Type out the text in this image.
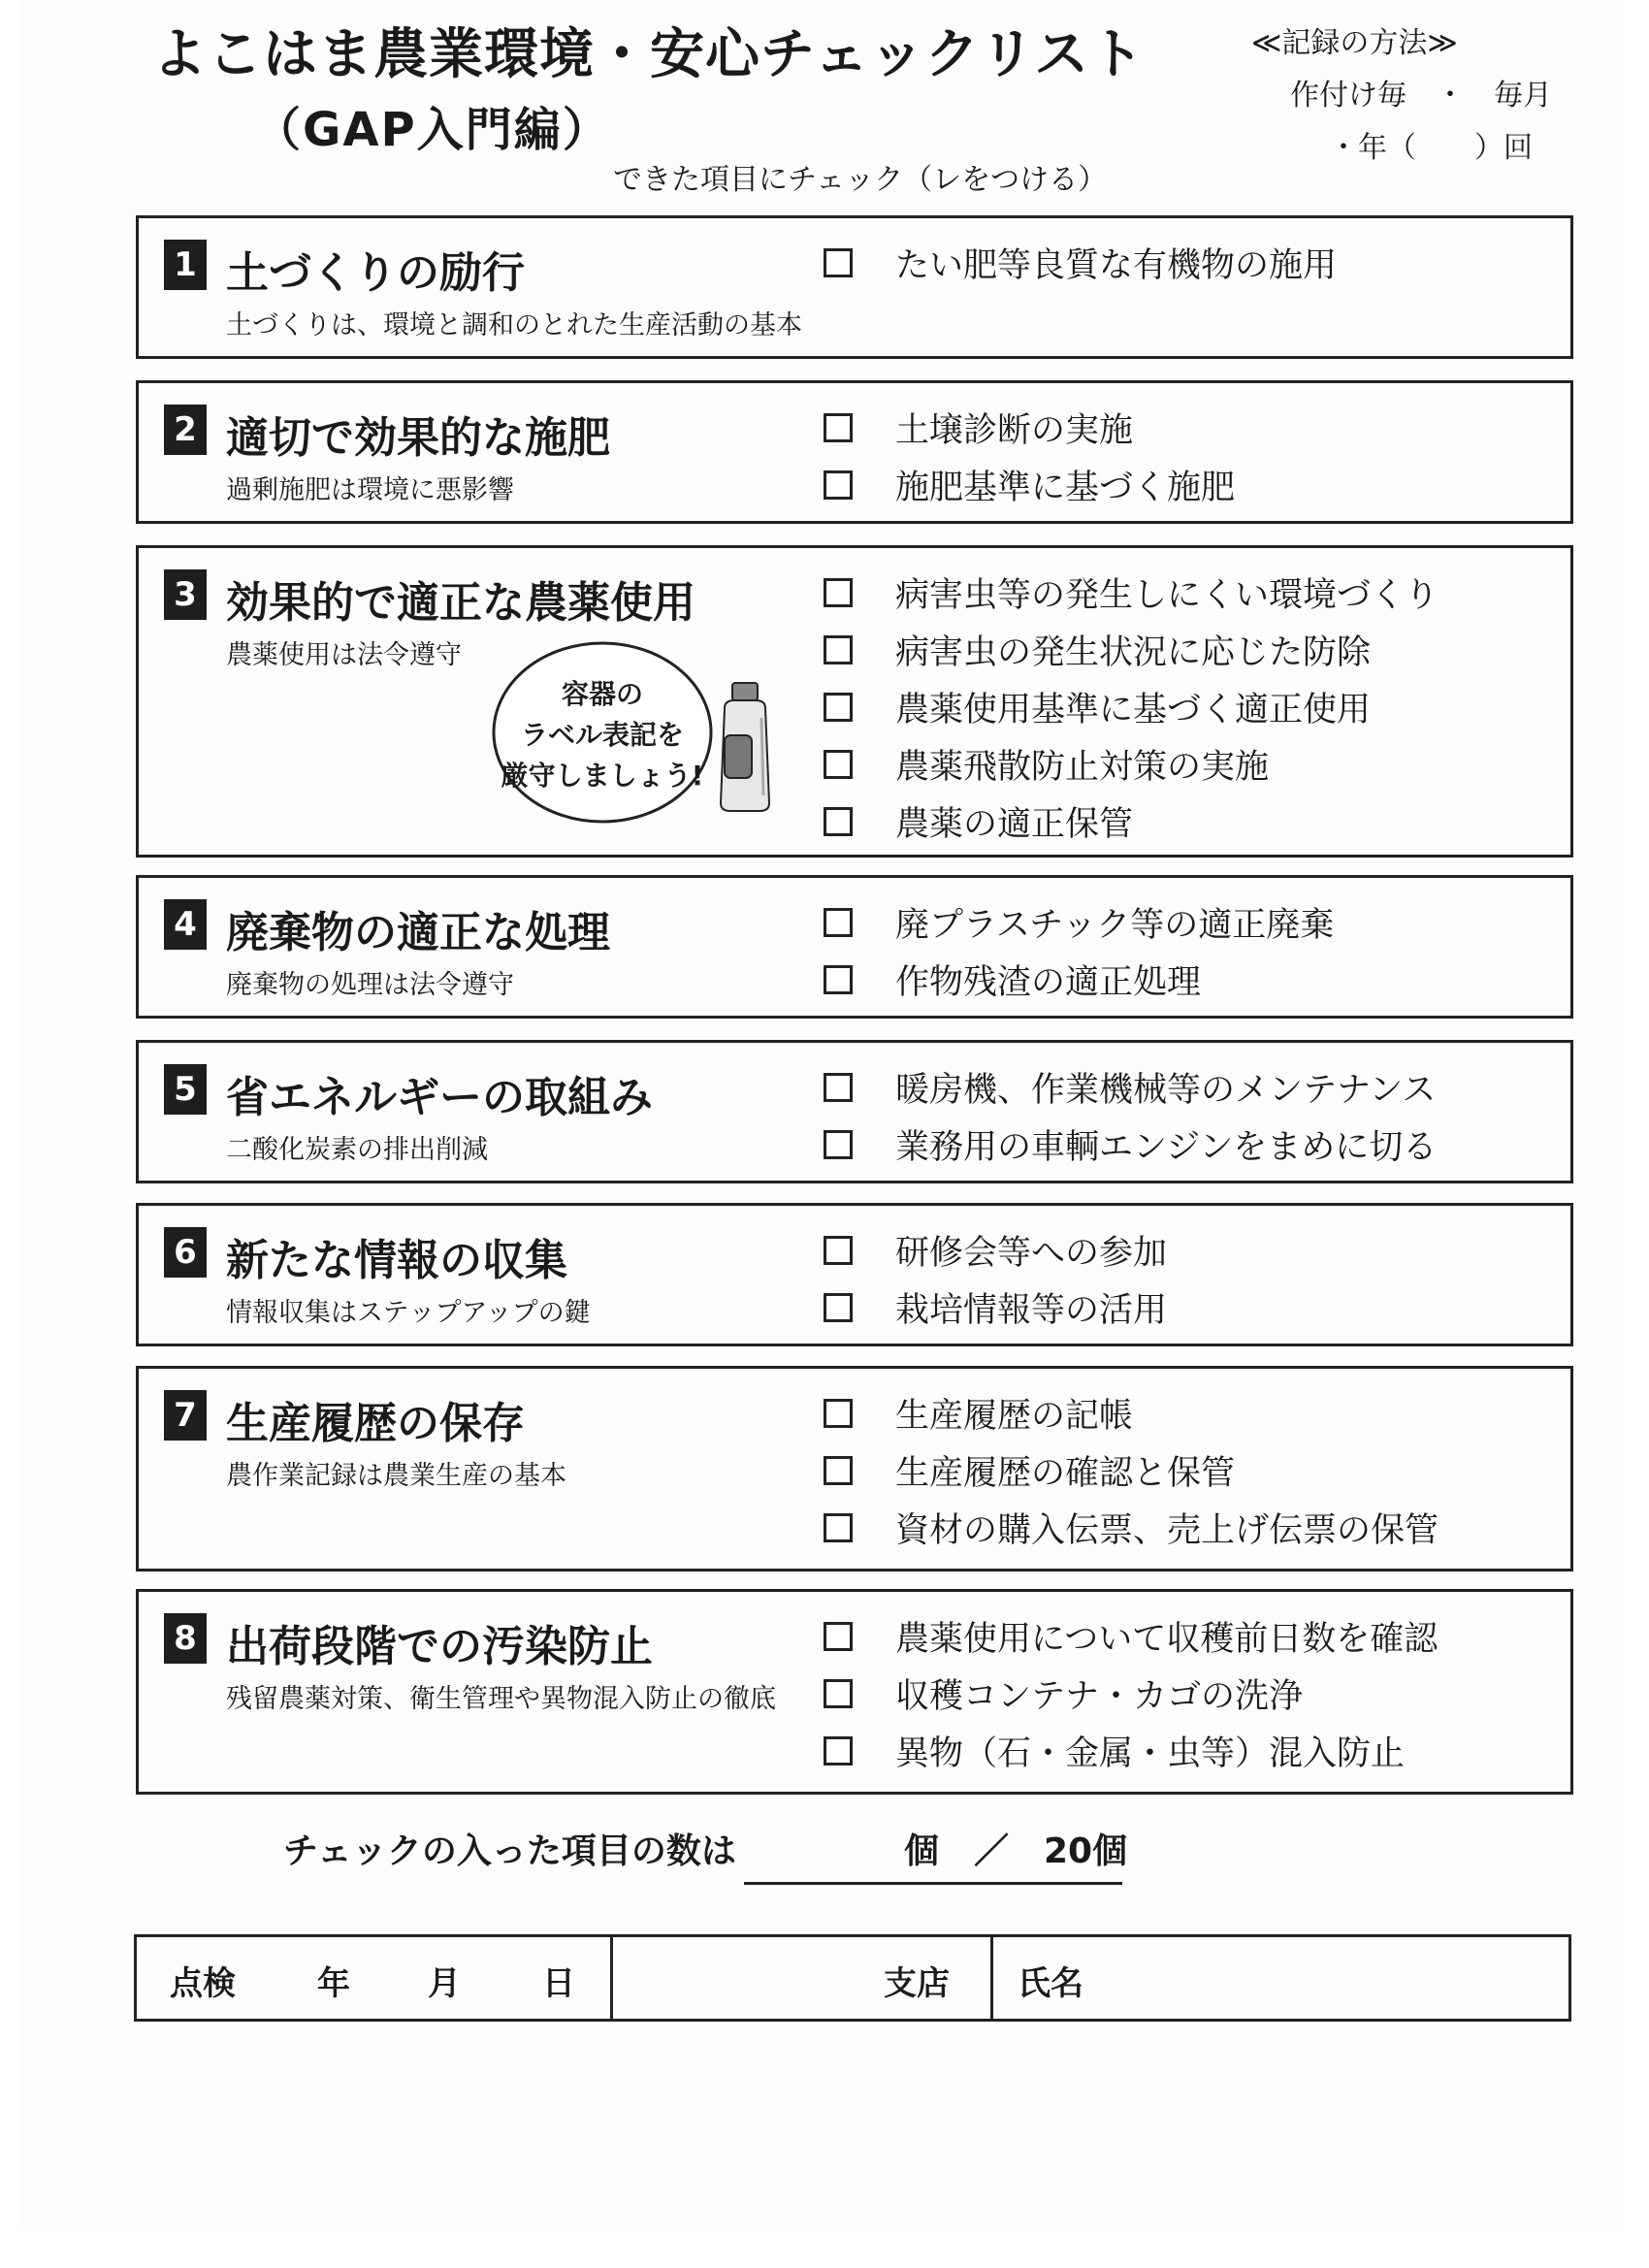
よこはま農業環境・安心チェックリスト
（GAP入門編）
できた項目にチェック（レをつける）
≪記録の方法≫
作付け毎　・　毎月
・年（　　）回
1 土づくりの励行
土づくりは、環境と調和のとれた生産活動の基本
たい肥等良質な有機物の施用
2 適切で効果的な施肥
過剰施肥は環境に悪影響
土壌診断の実施
施肥基準に基づく施肥
3 効果的で適正な農薬使用
農薬使用は法令遵守
容器の
ラベル表記を
厳守しましょう!
病害虫等の発生しにくい環境づくり
病害虫の発生状況に応じた防除
農薬使用基準に基づく適正使用
農薬飛散防止対策の実施
農薬の適正保管
4 廃棄物の適正な処理
廃棄物の処理は法令遵守
廃プラスチック等の適正廃棄
作物残渣の適正処理
5 省エネルギーの取組み
二酸化炭素の排出削減
暖房機、作業機械等のメンテナンス
業務用の車輌エンジンをまめに切る
6 新たな情報の収集
情報収集はステップアップの鍵
研修会等への参加
栽培情報等の活用
7 生産履歴の保存
農作業記録は農業生産の基本
生産履歴の記帳
生産履歴の確認と保管
資材の購入伝票、売上げ伝票の保管
8 出荷段階での汚染防止
残留農薬対策、衛生管理や異物混入防止の徹底
農薬使用について収穫前日数を確認
収穫コンテナ・カゴの洗浄
異物（石・金属・虫等）混入防止
チェックの入った項目の数は	個　／　20個
点検 年 月 日	支店 氏名
